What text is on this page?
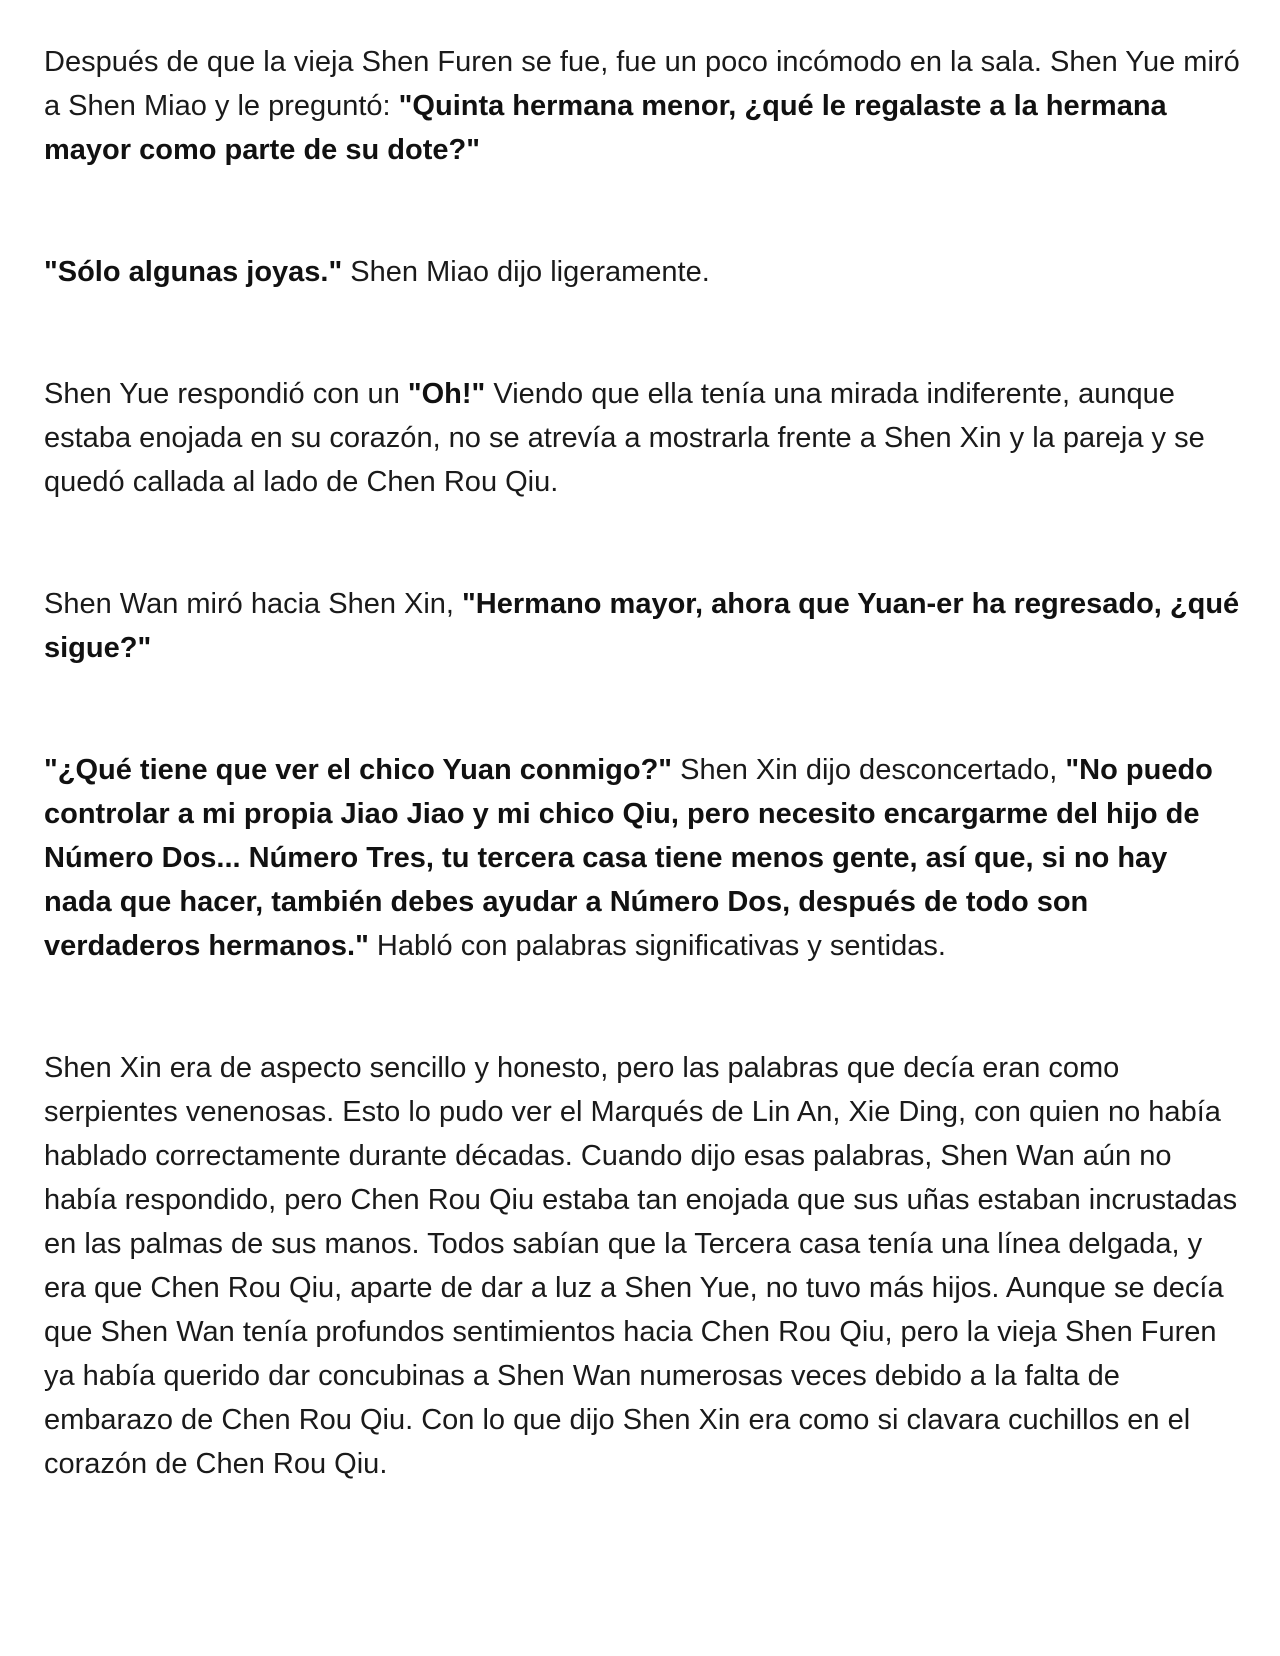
Después de que la vieja Shen Furen se fue, fue un poco incómodo en la sala. Shen Yue miró a Shen Miao y le preguntó: "Quinta hermana menor, ¿qué le regalaste a la hermana mayor como parte de su dote?"

"Sólo algunas joyas." Shen Miao dijo ligeramente.

Shen Yue respondió con un "Oh!" Viendo que ella tenía una mirada indiferente, aunque estaba enojada en su corazón, no se atrevía a mostrarla frente a Shen Xin y la pareja y se quedó callada al lado de Chen Rou Qiu.

Shen Wan miró hacia Shen Xin, "Hermano mayor, ahora que Yuan-er ha regresado, ¿qué sigue?"

"¿Qué tiene que ver el chico Yuan conmigo?" Shen Xin dijo desconcertado, "No puedo controlar a mi propia Jiao Jiao y mi chico Qiu, pero necesito encargarme del hijo de Número Dos... Número Tres, tu tercera casa tiene menos gente, así que, si no hay nada que hacer, también debes ayudar a Número Dos, después de todo son verdaderos hermanos." Habló con palabras significativas y sentidas.

Shen Xin era de aspecto sencillo y honesto, pero las palabras que decía eran como serpientes venenosas. Esto lo pudo ver el Marqués de Lin An, Xie Ding, con quien no había hablado correctamente durante décadas. Cuando dijo esas palabras, Shen Wan aún no había respondido, pero Chen Rou Qiu estaba tan enojada que sus uñas estaban incrustadas en las palmas de sus manos. Todos sabían que la Tercera casa tenía una línea delgada, y era que Chen Rou Qiu, aparte de dar a luz a Shen Yue, no tuvo más hijos. Aunque se decía que Shen Wan tenía profundos sentimientos hacia Chen Rou Qiu, pero la vieja Shen Furen ya había querido dar concubinas a Shen Wan numerosas veces debido a la falta de embarazo de Chen Rou Qiu. Con lo que dijo Shen Xin era como si clavara cuchillos en el corazón de Chen Rou Qiu.
